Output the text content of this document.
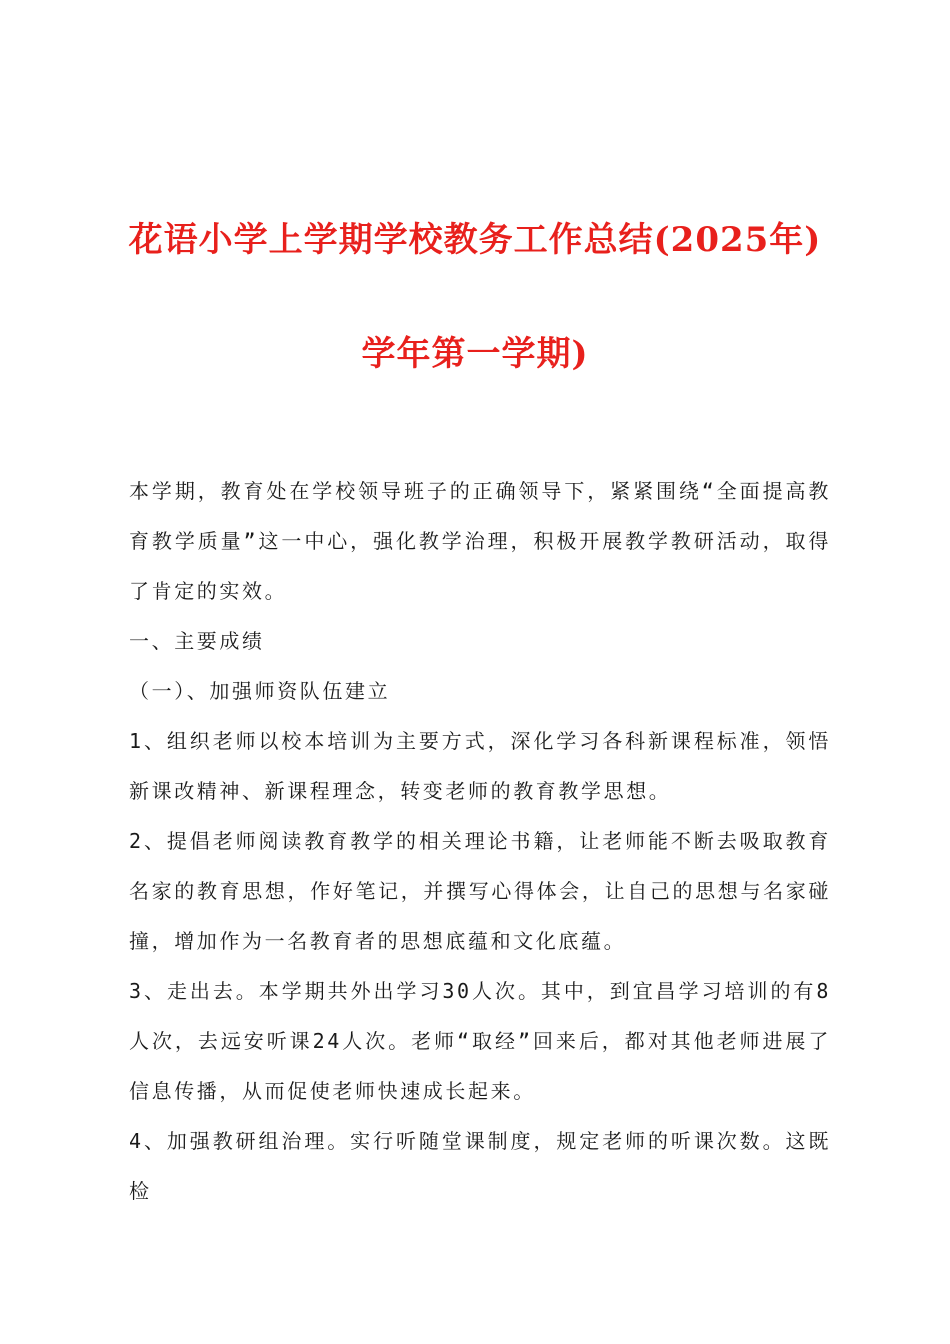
花语小学上学期学校教务工作总结(2025年)
学年第一学期)

本学期，教育处在学校领导班子的正确领导下，紧紧围绕“全面提高教育教学质量”这一中心，强化教学治理，积极开展教学教研活动，取得了肯定的实效。

一、主要成绩

（一）、加强师资队伍建立

1、组织老师以校本培训为主要方式，深化学习各科新课程标准，领悟新课改精神、新课程理念，转变老师的教育教学思想。

2、提倡老师阅读教育教学的相关理论书籍，让老师能不断去吸取教育名家的教育思想，作好笔记，并撰写心得体会，让自己的思想与名家碰撞，增加作为一名教育者的思想底蕴和文化底蕴。

3、走出去。本学期共外出学习30人次。其中，到宜昌学习培训的有8人次，去远安听课24人次。老师“取经”回来后，都对其他老师进展了信息传播，从而促使老师快速成长起来。

4、加强教研组治理。实行听随堂课制度，规定老师的听课次数。这既检
